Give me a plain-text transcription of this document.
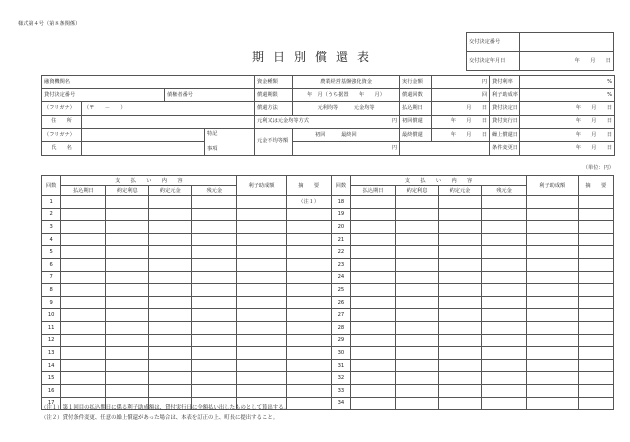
様式第４号（第８条関係）
期日別償還表
交付決定番号	
交付決定年月日	年　　 月　　 日
融資機関名				資金種類	農業経営基盤強化資金	実行金額	円	貸付利率	%
貸付決定番号		債権者番号		償還期限	年　月（うち据置　　年　　月）	償還回数	回	利子助成率	%
（フリガナ）	（〒　　－　　）			償還方法	元利均等　　　元金均等	払込期日	月　　日	貸付決定日	年　　月　　日
住　　所				元利又は元金均等方式 円		初回償還	年　　月　　日	貸付実行日	年　　月　　日
（フリガナ）			特記
事項	元金不均等額	初回 最終回	最終償還	年　　月　　日	繰上償還日	年　　月　　日
氏　　名					円			条件変更日	年　　月　　日
（単位：円）
回数	支　　払　　い　　内　　容				利子助成額	摘　　要	回数	支　　払　　い　　内　　容				利子助成額	摘　　要
	払込期日	約定利息	約定元金	残元金				払込期日	約定利息	約定元金	残元金		
1						（注１）	18						
2							19						
3							20						
4							21						
5							22						
6							23						
7							24						
8							25						
9							26						
10							27						
11							28						
12							29						
13							30						
14							31						
15							32						
16							33						
17							34						
（注１）第１回目の払込期日に係る利子助成額は、貸付実行日に全額払い出したものとして算出する。
（注２）貸付条件変更、任意の繰上償還があった場合は、本表を訂正の上、町長に提出すること。
